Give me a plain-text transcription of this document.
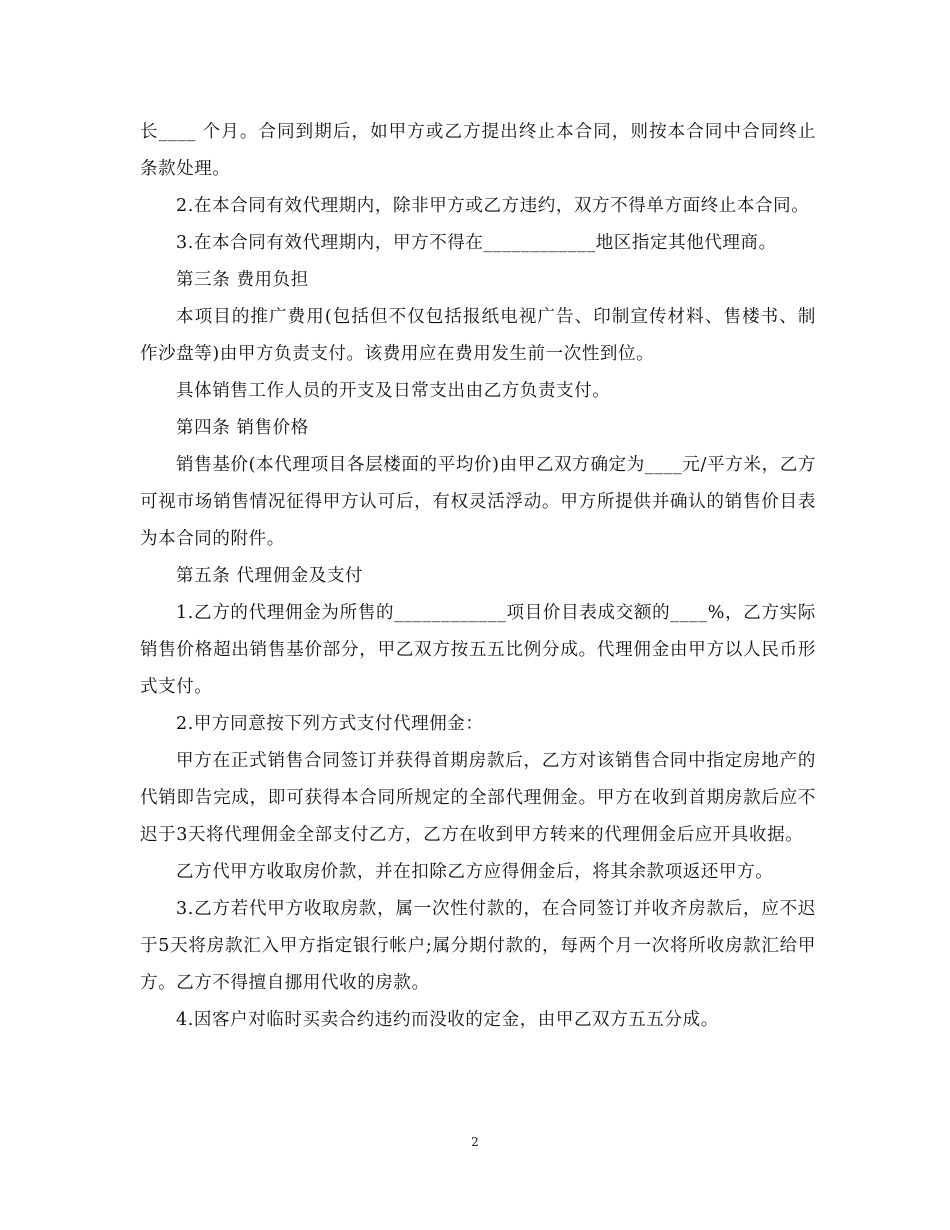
长____ 个月。合同到期后，如甲方或乙方提出终止本合同，则按本合同中合同终止条款处理。

2.在本合同有效代理期内，除非甲方或乙方违约，双方不得单方面终止本合同。

3.在本合同有效代理期内，甲方不得在____________地区指定其他代理商。

第三条 费用负担

本项目的推广费用(包括但不仅包括报纸电视广告、印制宣传材料、售楼书、制作沙盘等)由甲方负责支付。该费用应在费用发生前一次性到位。

具体销售工作人员的开支及日常支出由乙方负责支付。

第四条 销售价格

销售基价(本代理项目各层楼面的平均价)由甲乙双方确定为____元/平方米，乙方可视市场销售情况征得甲方认可后，有权灵活浮动。甲方所提供并确认的销售价目表为本合同的附件。

第五条 代理佣金及支付

1.乙方的代理佣金为所售的____________项目价目表成交额的____%，乙方实际销售价格超出销售基价部分，甲乙双方按五五比例分成。代理佣金由甲方以人民币形式支付。

2.甲方同意按下列方式支付代理佣金：

甲方在正式销售合同签订并获得首期房款后，乙方对该销售合同中指定房地产的代销即告完成，即可获得本合同所规定的全部代理佣金。甲方在收到首期房款后应不迟于3天将代理佣金全部支付乙方，乙方在收到甲方转来的代理佣金后应开具收据。

乙方代甲方收取房价款，并在扣除乙方应得佣金后，将其余款项返还甲方。

3.乙方若代甲方收取房款，属一次性付款的，在合同签订并收齐房款后，应不迟于5天将房款汇入甲方指定银行帐户;属分期付款的，每两个月一次将所收房款汇给甲方。乙方不得擅自挪用代收的房款。

4.因客户对临时买卖合约违约而没收的定金，由甲乙双方五五分成。

2
